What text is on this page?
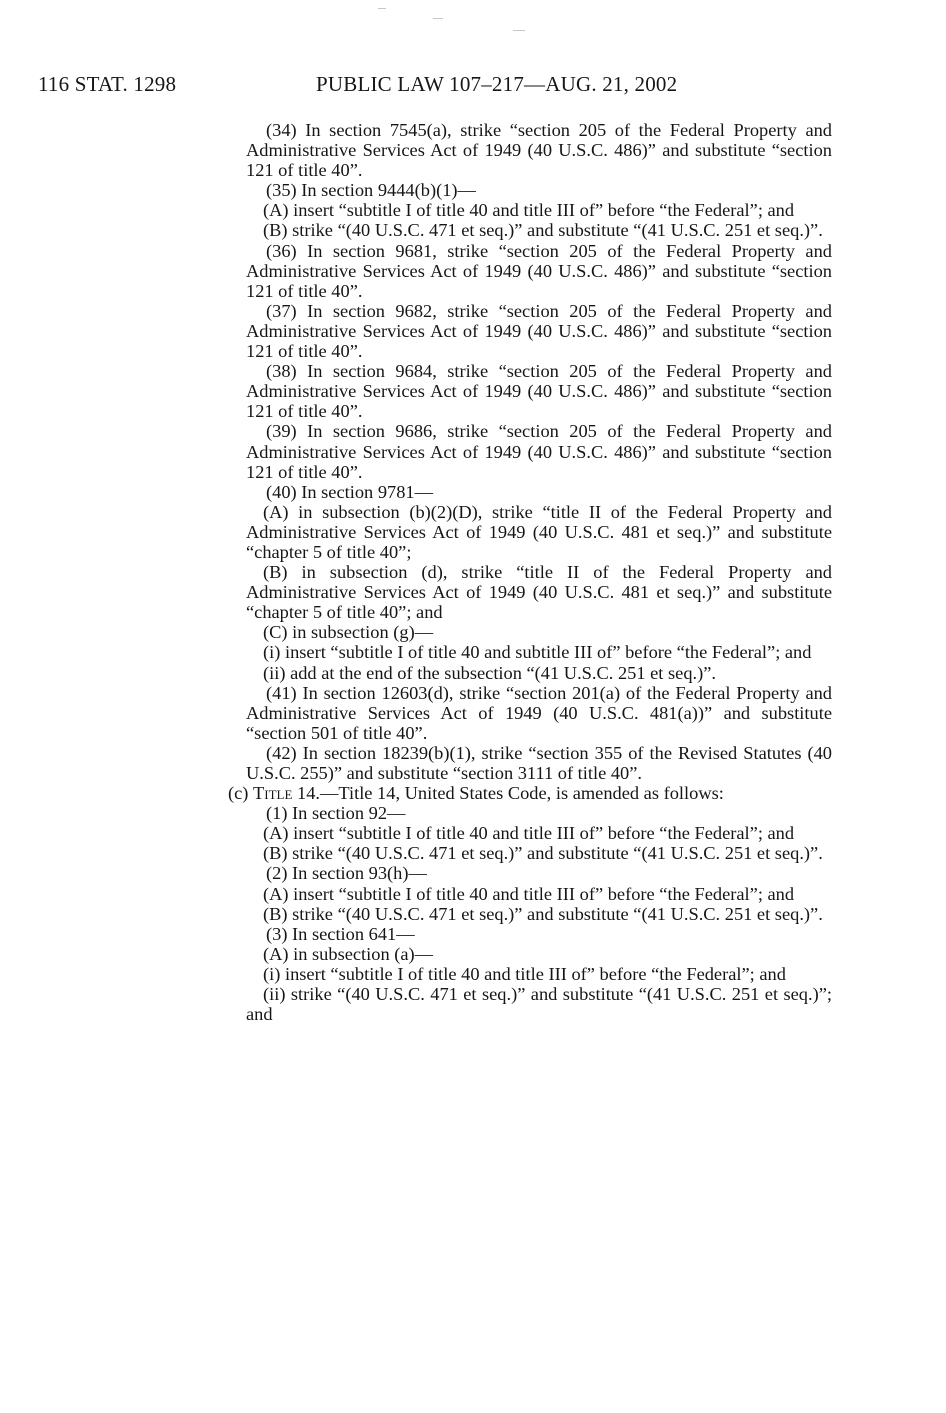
116 STAT. 1298	PUBLIC LAW 107–217—AUG. 21, 2002

(34) In section 7545(a), strike “section 205 of the Federal Property and Administrative Services Act of 1949 (40 U.S.C. 486)” and substitute “section 121 of title 40”.

(35) In section 9444(b)(1)—

(A) insert “subtitle I of title 40 and title III of” before “the Federal”; and

(B) strike “(40 U.S.C. 471 et seq.)” and substitute “(41 U.S.C. 251 et seq.)”.

(36) In section 9681, strike “section 205 of the Federal Property and Administrative Services Act of 1949 (40 U.S.C. 486)” and substitute “section 121 of title 40”.

(37) In section 9682, strike “section 205 of the Federal Property and Administrative Services Act of 1949 (40 U.S.C. 486)” and substitute “section 121 of title 40”.

(38) In section 9684, strike “section 205 of the Federal Property and Administrative Services Act of 1949 (40 U.S.C. 486)” and substitute “section 121 of title 40”.

(39) In section 9686, strike “section 205 of the Federal Property and Administrative Services Act of 1949 (40 U.S.C. 486)” and substitute “section 121 of title 40”.

(40) In section 9781—

(A) in subsection (b)(2)(D), strike “title II of the Federal Property and Administrative Services Act of 1949 (40 U.S.C. 481 et seq.)” and substitute “chapter 5 of title 40”;

(B) in subsection (d), strike “title II of the Federal Property and Administrative Services Act of 1949 (40 U.S.C. 481 et seq.)” and substitute “chapter 5 of title 40”; and

(C) in subsection (g)—

(i) insert “subtitle I of title 40 and subtitle III of” before “the Federal”; and

(ii) add at the end of the subsection “(41 U.S.C. 251 et seq.)”.

(41) In section 12603(d), strike “section 201(a) of the Federal Property and Administrative Services Act of 1949 (40 U.S.C. 481(a))” and substitute “section 501 of title 40”.

(42) In section 18239(b)(1), strike “section 355 of the Revised Statutes (40 U.S.C. 255)” and substitute “section 3111 of title 40”.

(c) Title 14.—Title 14, United States Code, is amended as follows:

(1) In section 92—

(A) insert “subtitle I of title 40 and title III of” before “the Federal”; and

(B) strike “(40 U.S.C. 471 et seq.)” and substitute “(41 U.S.C. 251 et seq.)”.

(2) In section 93(h)—

(A) insert “subtitle I of title 40 and title III of” before “the Federal”; and

(B) strike “(40 U.S.C. 471 et seq.)” and substitute “(41 U.S.C. 251 et seq.)”.

(3) In section 641—

(A) in subsection (a)—

(i) insert “subtitle I of title 40 and title III of” before “the Federal”; and

(ii) strike “(40 U.S.C. 471 et seq.)” and substitute “(41 U.S.C. 251 et seq.)”; and
